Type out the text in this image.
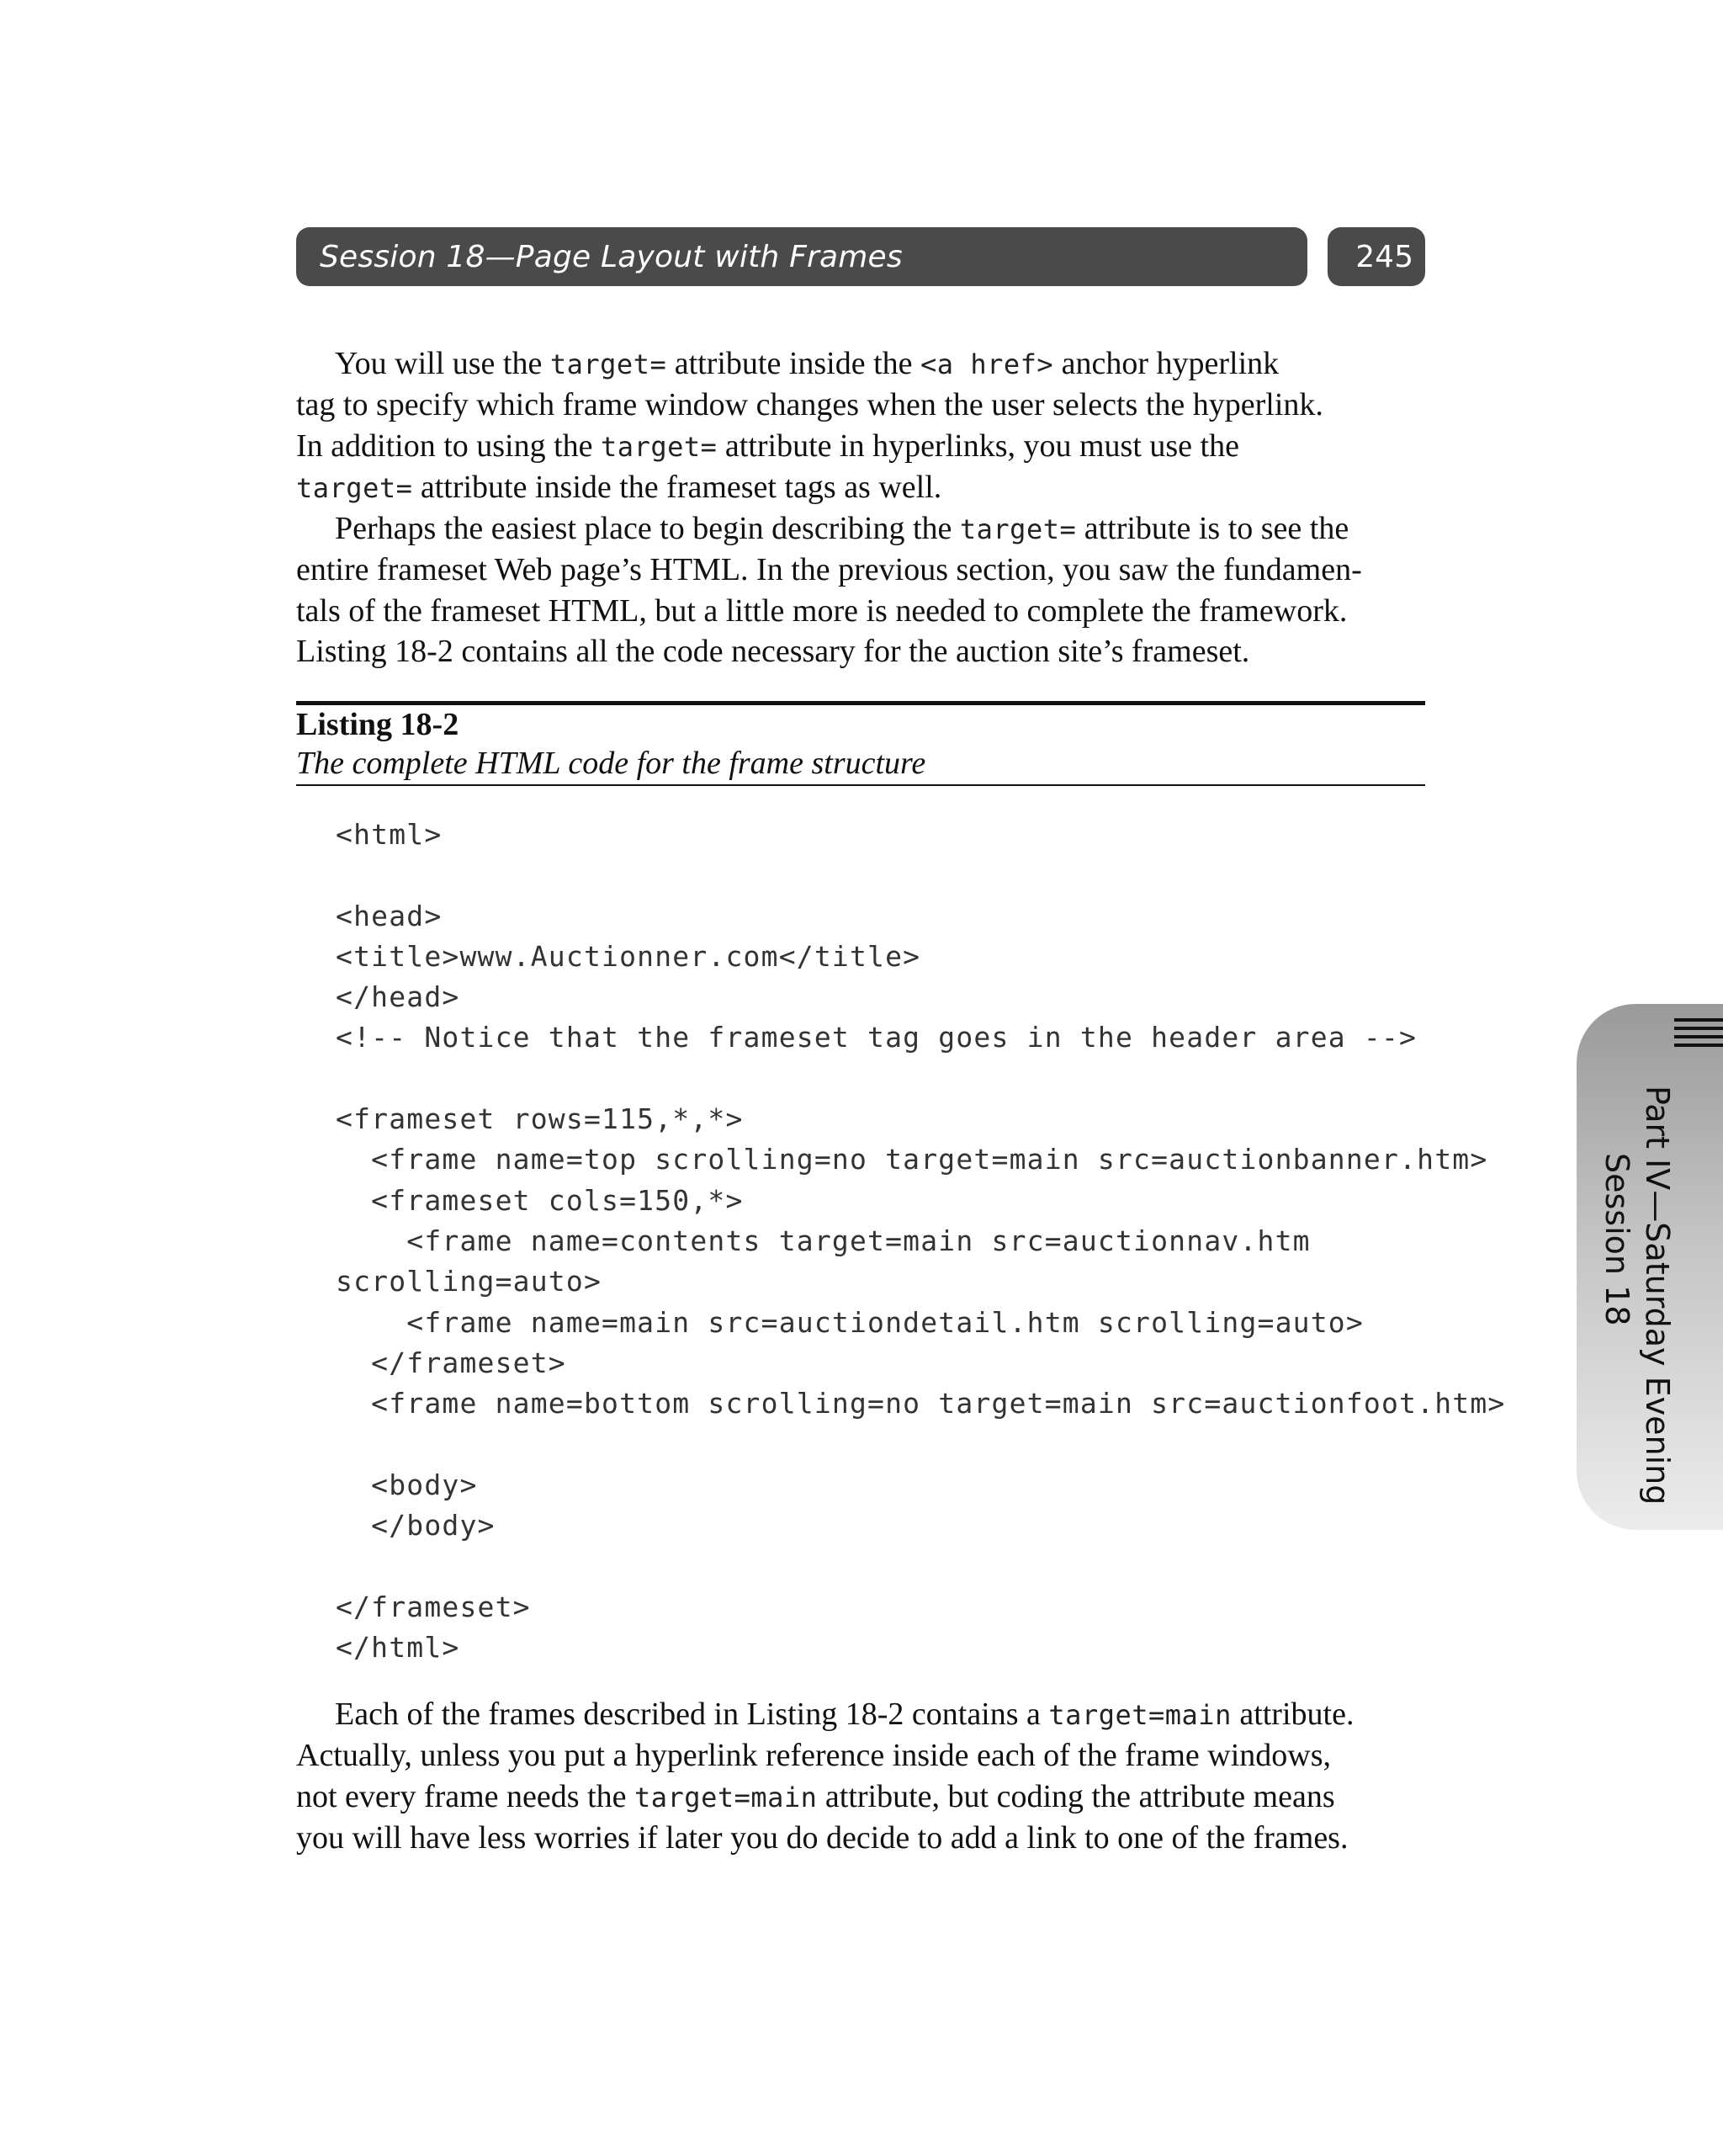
Session 18—Page Layout with Frames	245

You will use the target= attribute inside the <a href> anchor hyperlink
tag to specify which frame window changes when the user selects the hyperlink.
In addition to using the target= attribute in hyperlinks, you must use the
target= attribute inside the frameset tags as well.

Perhaps the easiest place to begin describing the target= attribute is to see the
entire frameset Web page’s HTML. In the previous section, you saw the fundamen-
tals of the frameset HTML, but a little more is needed to complete the framework.
Listing 18-2 contains all the code necessary for the auction site’s frameset.

Listing 18-2
The complete HTML code for the frame structure
<html>
<head>
<title>www.Auctionner.com</title>
</head>
<!-- Notice that the frameset tag goes in the header area -->
<frameset rows=115,*,*>
<frame name=top scrolling=no target=main src=auctionbanner.htm>
<frameset cols=150,*>
<frame name=contents target=main src=auctionnav.htm
scrolling=auto>
<frame name=main src=auctiondetail.htm scrolling=auto>
</frameset>
<frame name=bottom scrolling=no target=main src=auctionfoot.htm>
<body>
</body>
</frameset>
</html>

Each of the frames described in Listing 18-2 contains a target=main attribute.
Actually, unless you put a hyperlink reference inside each of the frame windows,
not every frame needs the target=main attribute, but coding the attribute means
you will have less worries if later you do decide to add a link to one of the frames.

Part IV—Saturday Evening
Session 18
